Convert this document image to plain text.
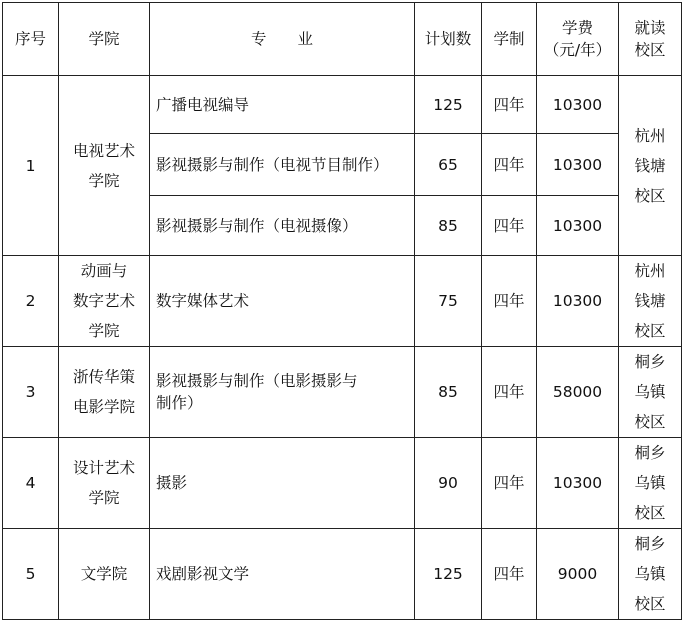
序号	学院	专　　业	计划数	学制	学费
（元/年）	就读
校区

1	电视艺术
学院	广播电视编导	125	四年	10300	杭州
钱塘
校区

		影视摄影与制作（电视节目制作）	65	四年	10300	
		影视摄影与制作（电视摄像）	85	四年	10300	
2	动画与
数字艺术
学院	数字媒体艺术	75	四年	10300	杭州
钱塘
校区

3	浙传华策
电影学院	影视摄影与制作（电影摄影与
制作）	85	四年	58000	桐乡
乌镇
校区

4	设计艺术
学院	摄影	90	四年	10300	桐乡
乌镇
校区

5	文学院	戏剧影视文学	125	四年	9000	桐乡
乌镇
校区
